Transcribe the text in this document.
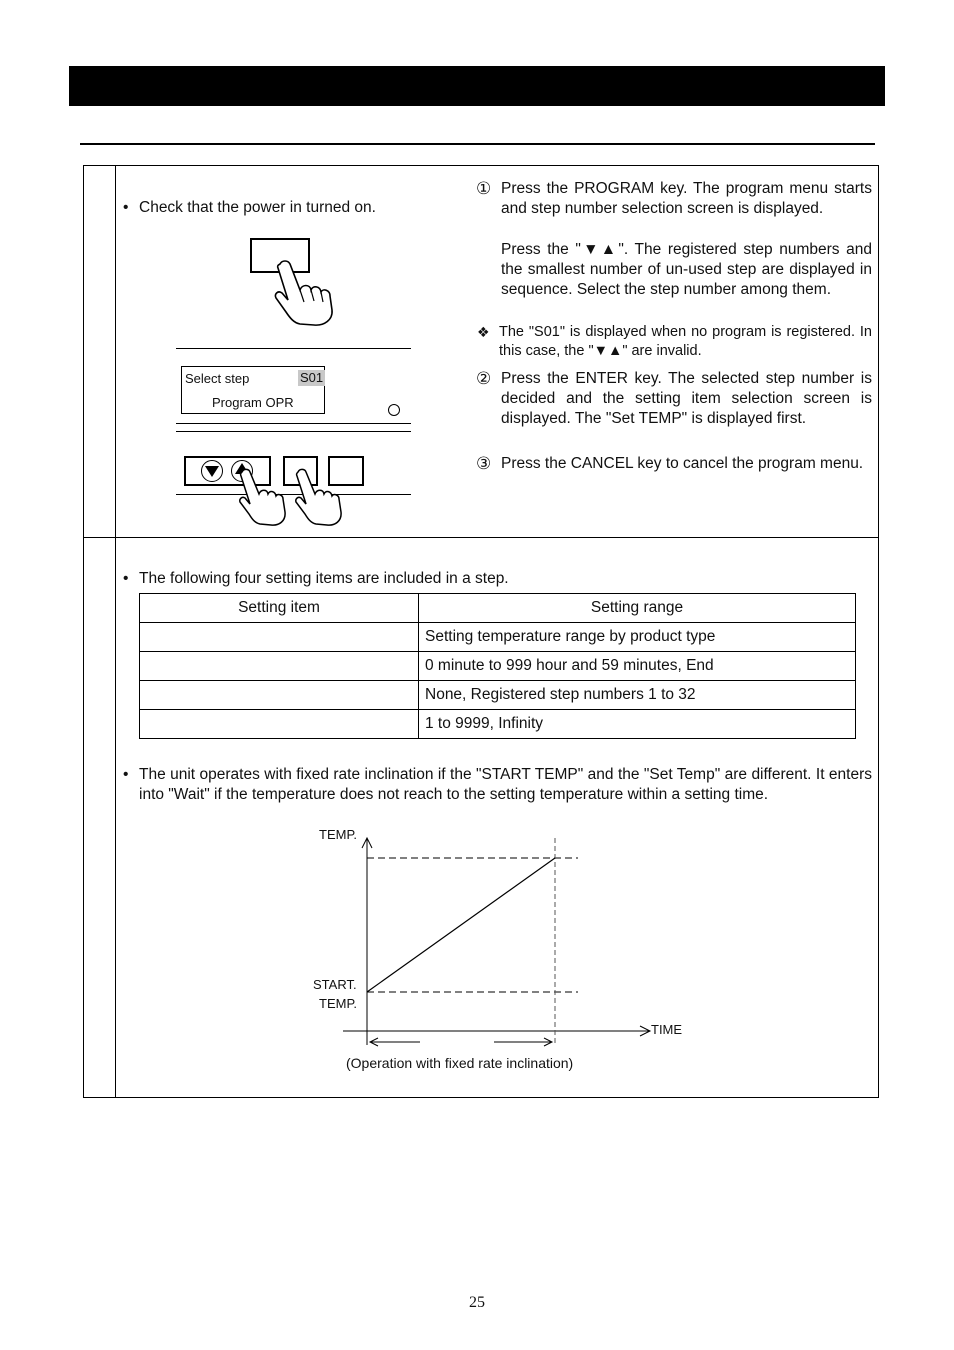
• Check that the power in turned on.
Select step	S01
Program OPR
① Press the PROGRAM key. The program menu starts and step number selection screen is displayed.
Press the "▼▲". The registered step numbers and the smallest number of un-used step are displayed in sequence. Select the step number among them.
❖ The "S01" is displayed when no program is registered. In this case, the "▼▲" are invalid.
② Press the ENTER key. The selected step number is decided and the setting item selection screen is displayed. The "Set TEMP" is displayed first.
③ Press the CANCEL key to cancel the program menu.
• The following four setting items are included in a step.
Setting item	Setting range
	Setting temperature range by product type
	0 minute to 999 hour and 59 minutes, End
	None, Registered step numbers 1 to 32
	1 to 9999, Infinity
• The unit operates with fixed rate inclination if the "START TEMP" and the "Set Temp" are different. It enters into "Wait" if the temperature does not reach to the setting temperature within a setting time.
TEMP.
START.
TEMP.
TIME
(Operation with fixed rate inclination)
25
